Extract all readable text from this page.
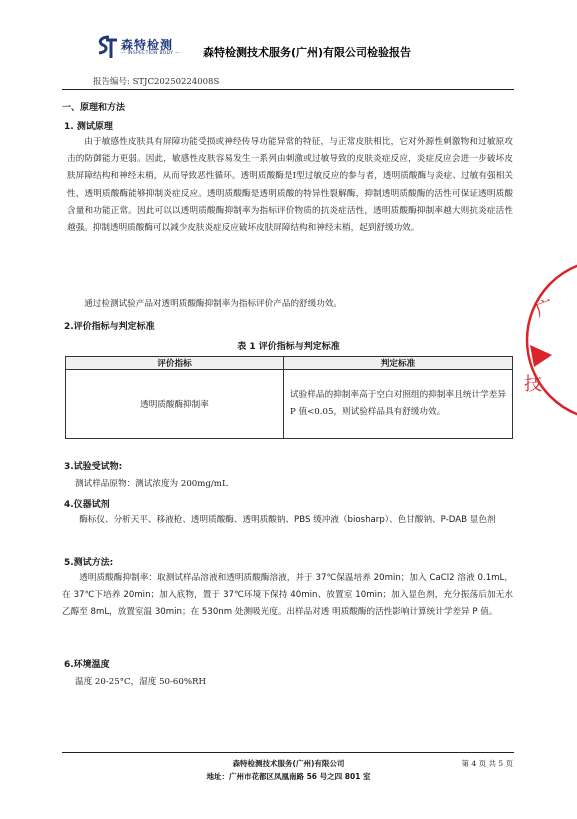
森特检测
— INSPECTION BODY — 森特检测技术服务(广州)有限公司检验报告
报告编号: STJC20250224008S
一、原理和方法
1. 测试原理
由于敏感性皮肤具有屏障功能受损或神经传导功能异常的特征，与正常皮肤相比，它对外源性刺激物和过敏原攻击的防御能力更弱。因此，敏感性皮肤容易发生一系列由刺激或过敏导致的皮肤炎症反应，炎症反应会进一步破坏皮肤屏障结构和神经末梢，从而导致恶性循环。透明质酸酶是I型过敏反应的参与者，透明质酸酶与炎症、过敏有强相关性，透明质酸酶能够抑制炎症反应。透明质酸酶是透明质酸的特异性裂解酶，抑制透明质酸酶的活性可保证透明质酸含量和功能正常。因此可以以透明质酸酶抑制率为指标评价物质的抗炎症活性，透明质酸酶抑制率越大则抗炎症活性越强。抑制透明质酸酶可以减少皮肤炎症反应破坏皮肤屏障结构和神经末梢，起到舒缓功效。
通过检测试验产品对透明质酸酶抑制率为指标评价产品的舒缓功效。
2.评价指标与判定标准
表 1 评价指标与判定标准
评价指标	判定标准
透明质酸酶抑制率	试验样品的抑制率高于空白对照组的抑制率且统计学差异 P 值<0.05，则试验样品具有舒缓功效。
3.试验受试物:
测试样品原物：测试浓度为 200mg/mL
4.仪器试剂
酶标仪、分析天平、移液枪、透明质酸酶、透明质酸钠、PBS 缓冲液（biosharp）、色甘酸钠、P-DAB 显色剂
5.测试方法:
透明质酸酶抑制率：取测试样品溶液和透明质酸酶溶液，并于 37℃保温培养 20min；加入 CaCl2 溶液 0.1mL，在 37℃下培养 20min；加入底物，置于 37℃环境下保持 40min、放置室 10min；加入显色剂，充分振荡后加无水乙醇至 8mL，放置室温 30min；在 530nm 处测吸光度。出样品对透 明质酸酶的活性影响计算统计学差异 P 值。
6.环境温度
温度 20-25°C，湿度 50-60%RH
广
技
森特检测技术服务(广州)有限公司
地址：广州市花都区凤凰南路 56 号之四 801 室
第 4 页 共 5 页
